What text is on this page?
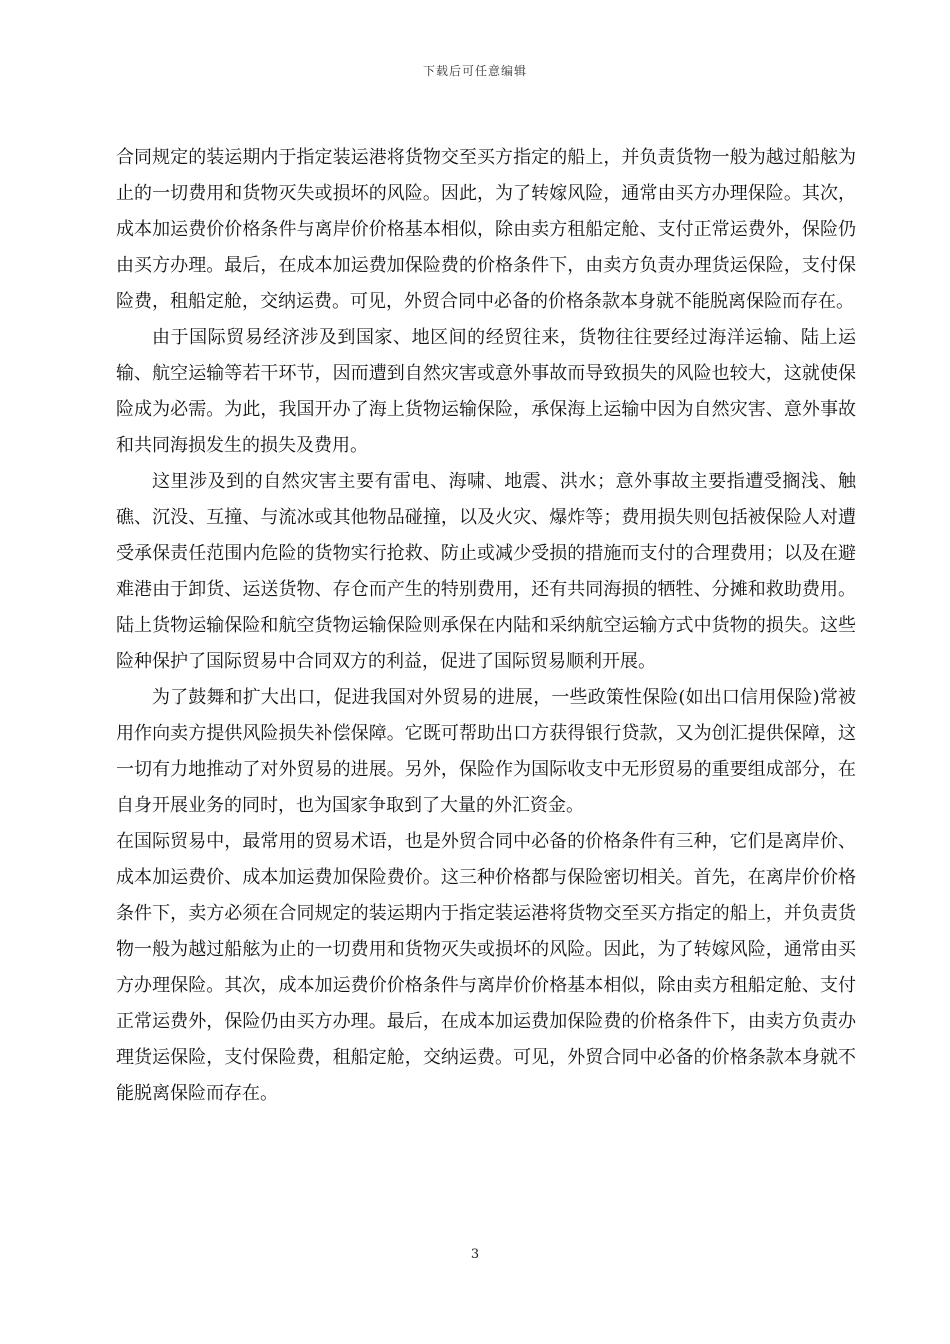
下载后可任意编辑

合同规定的装运期内于指定装运港将货物交至买方指定的船上，并负责货物一般为越过船舷为止的一切费用和货物灭失或损坏的风险。因此，为了转嫁风险，通常由买方办理保险。其次，成本加运费价价格条件与离岸价价格基本相似，除由卖方租船定舱、支付正常运费外，保险仍由买方办理。最后，在成本加运费加保险费的价格条件下，由卖方负责办理货运保险，支付保险费，租船定舱，交纳运费。可见，外贸合同中必备的价格条款本身就不能脱离保险而存在。

由于国际贸易经济涉及到国家、地区间的经贸往来，货物往往要经过海洋运输、陆上运输、航空运输等若干环节，因而遭到自然灾害或意外事故而导致损失的风险也较大，这就使保险成为必需。为此，我国开办了海上货物运输保险，承保海上运输中因为自然灾害、意外事故和共同海损发生的损失及费用。

这里涉及到的自然灾害主要有雷电、海啸、地震、洪水；意外事故主要指遭受搁浅、触礁、沉没、互撞、与流冰或其他物品碰撞，以及火灾、爆炸等；费用损失则包括被保险人对遭受承保责任范围内危险的货物实行抢救、防止或减少受损的措施而支付的合理费用；以及在避难港由于卸货、运送货物、存仓而产生的特别费用，还有共同海损的牺牲、分摊和救助费用。陆上货物运输保险和航空货物运输保险则承保在内陆和采纳航空运输方式中货物的损失。这些险种保护了国际贸易中合同双方的利益，促进了国际贸易顺利开展。

为了鼓舞和扩大出口，促进我国对外贸易的进展，一些政策性保险(如出口信用保险)常被用作向卖方提供风险损失补偿保障。它既可帮助出口方获得银行贷款，又为创汇提供保障，这一切有力地推动了对外贸易的进展。另外，保险作为国际收支中无形贸易的重要组成部分，在自身开展业务的同时，也为国家争取到了大量的外汇资金。

在国际贸易中，最常用的贸易术语，也是外贸合同中必备的价格条件有三种，它们是离岸价、成本加运费价、成本加运费加保险费价。这三种价格都与保险密切相关。首先，在离岸价价格条件下，卖方必须在合同规定的装运期内于指定装运港将货物交至买方指定的船上，并负责货物一般为越过船舷为止的一切费用和货物灭失或损坏的风险。因此，为了转嫁风险，通常由买方办理保险。其次，成本加运费价价格条件与离岸价价格基本相似，除由卖方租船定舱、支付正常运费外，保险仍由买方办理。最后，在成本加运费加保险费的价格条件下，由卖方负责办理货运保险，支付保险费，租船定舱，交纳运费。可见，外贸合同中必备的价格条款本身就不能脱离保险而存在。

3
